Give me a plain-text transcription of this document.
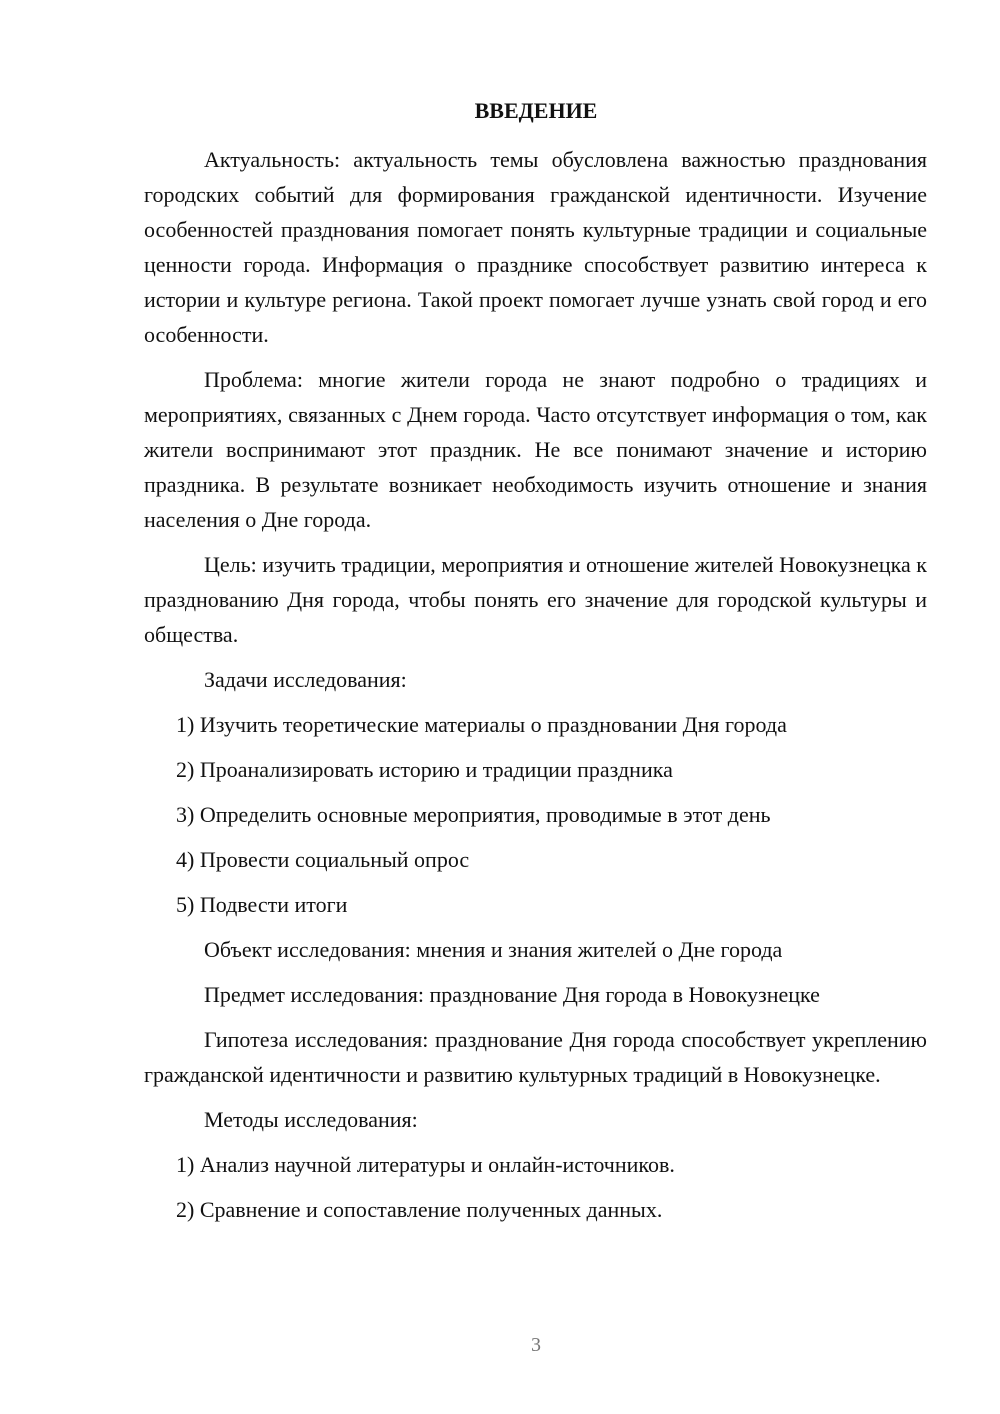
ВВЕДЕНИЕ

Актуальность: актуальность темы обусловлена важностью празднования городских событий для формирования гражданской идентичности. Изучение особенностей празднования помогает понять культурные традиции и социальные ценности города. Информация о празднике способствует развитию интереса к истории и культуре региона. Такой проект помогает лучше узнать свой город и его особенности.

Проблема: многие жители города не знают подробно о традициях и мероприятиях, связанных с Днем города. Часто отсутствует информация о том, как жители воспринимают этот праздник. Не все понимают значение и историю праздника. В результате возникает необходимость изучить отношение и знания населения о Дне города.

Цель: изучить традиции, мероприятия и отношение жителей Новокузнецка к празднованию Дня города, чтобы понять его значение для городской культуры и общества.

Задачи исследования:

1) Изучить теоретические материалы о праздновании Дня города

2) Проанализировать историю и традиции праздника

3) Определить основные мероприятия, проводимые в этот день

4) Провести социальный опрос

5) Подвести итоги

Объект исследования: мнения и знания жителей о Дне города

Предмет исследования: празднование Дня города в Новокузнецке

Гипотеза исследования: празднование Дня города способствует укреплению гражданской идентичности и развитию культурных традиций в Новокузнецке.

Методы исследования:

1) Анализ научной литературы и онлайн-источников.

2) Сравнение и сопоставление полученных данных.

3
